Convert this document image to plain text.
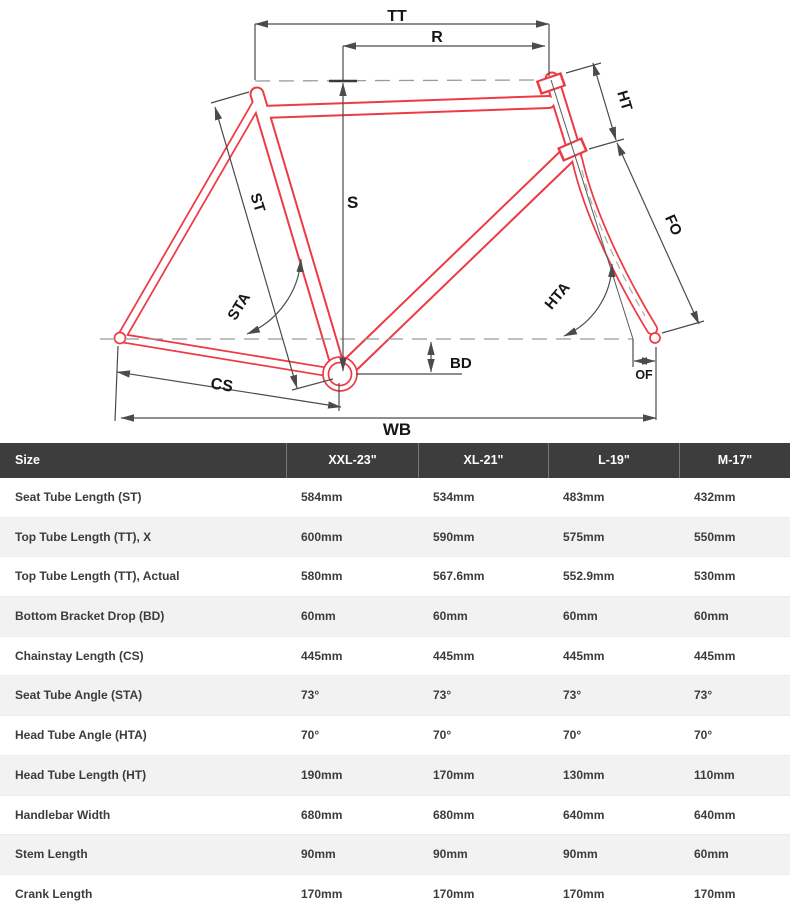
TT
R
S
ST
STA
HT
FO
HTA
BD
OF
CS
WB
Size	XXL-23"	XL-21"	L-19"	M-17"
Seat Tube Length (ST)	584mm	534mm	483mm	432mm
Top Tube Length (TT), X	600mm	590mm	575mm	550mm
Top Tube Length (TT), Actual	580mm	567.6mm	552.9mm	530mm
Bottom Bracket Drop (BD)	60mm	60mm	60mm	60mm
Chainstay Length (CS)	445mm	445mm	445mm	445mm
Seat Tube Angle (STA)	73°	73°	73°	73°
Head Tube Angle (HTA)	70°	70°	70°	70°
Head Tube Length (HT)	190mm	170mm	130mm	110mm
Handlebar Width	680mm	680mm	640mm	640mm
Stem Length	90mm	90mm	90mm	60mm
Crank Length	170mm	170mm	170mm	170mm
